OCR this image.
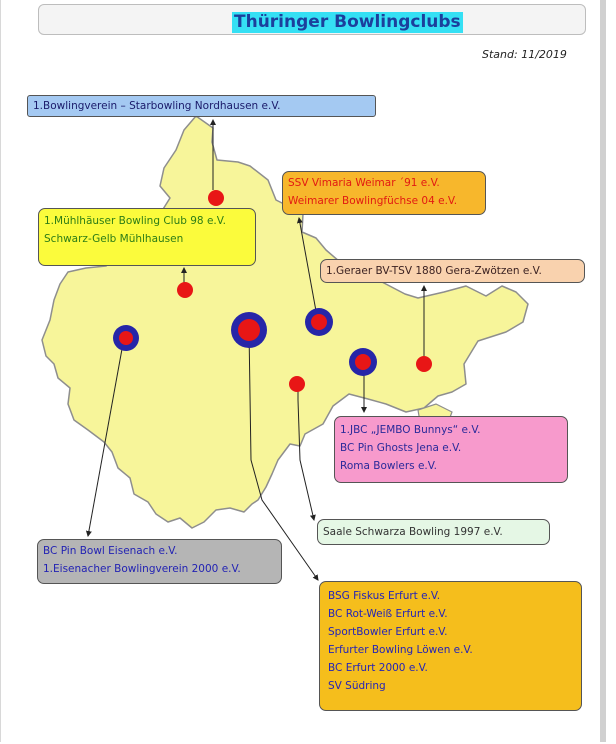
Thüringer Bowlingclubs
Stand: 11/2019
1.Bowlingverein – Starbowling Nordhausen e.V.
1.Mühlhäuser Bowling Club 98 e.V.
Schwarz-Gelb Mühlhausen
SSV Vimaria Weimar ´91 e.V.
Weimarer Bowlingfüchse 04 e.V.
1.Geraer BV-TSV 1880 Gera-Zwötzen e.V.
1.JBC „JEMBO Bunnys“ e.V.
BC Pin Ghosts Jena e.V.
Roma Bowlers e.V.
Saale Schwarza Bowling 1997 e.V.
BC Pin Bowl Eisenach e.V.
1.Eisenacher Bowlingverein 2000 e.V.
BSG Fiskus Erfurt e.V.
BC Rot-Weiß Erfurt e.V.
SportBowler Erfurt e.V.
Erfurter Bowling Löwen e.V.
BC Erfurt 2000 e.V.
SV Südring
